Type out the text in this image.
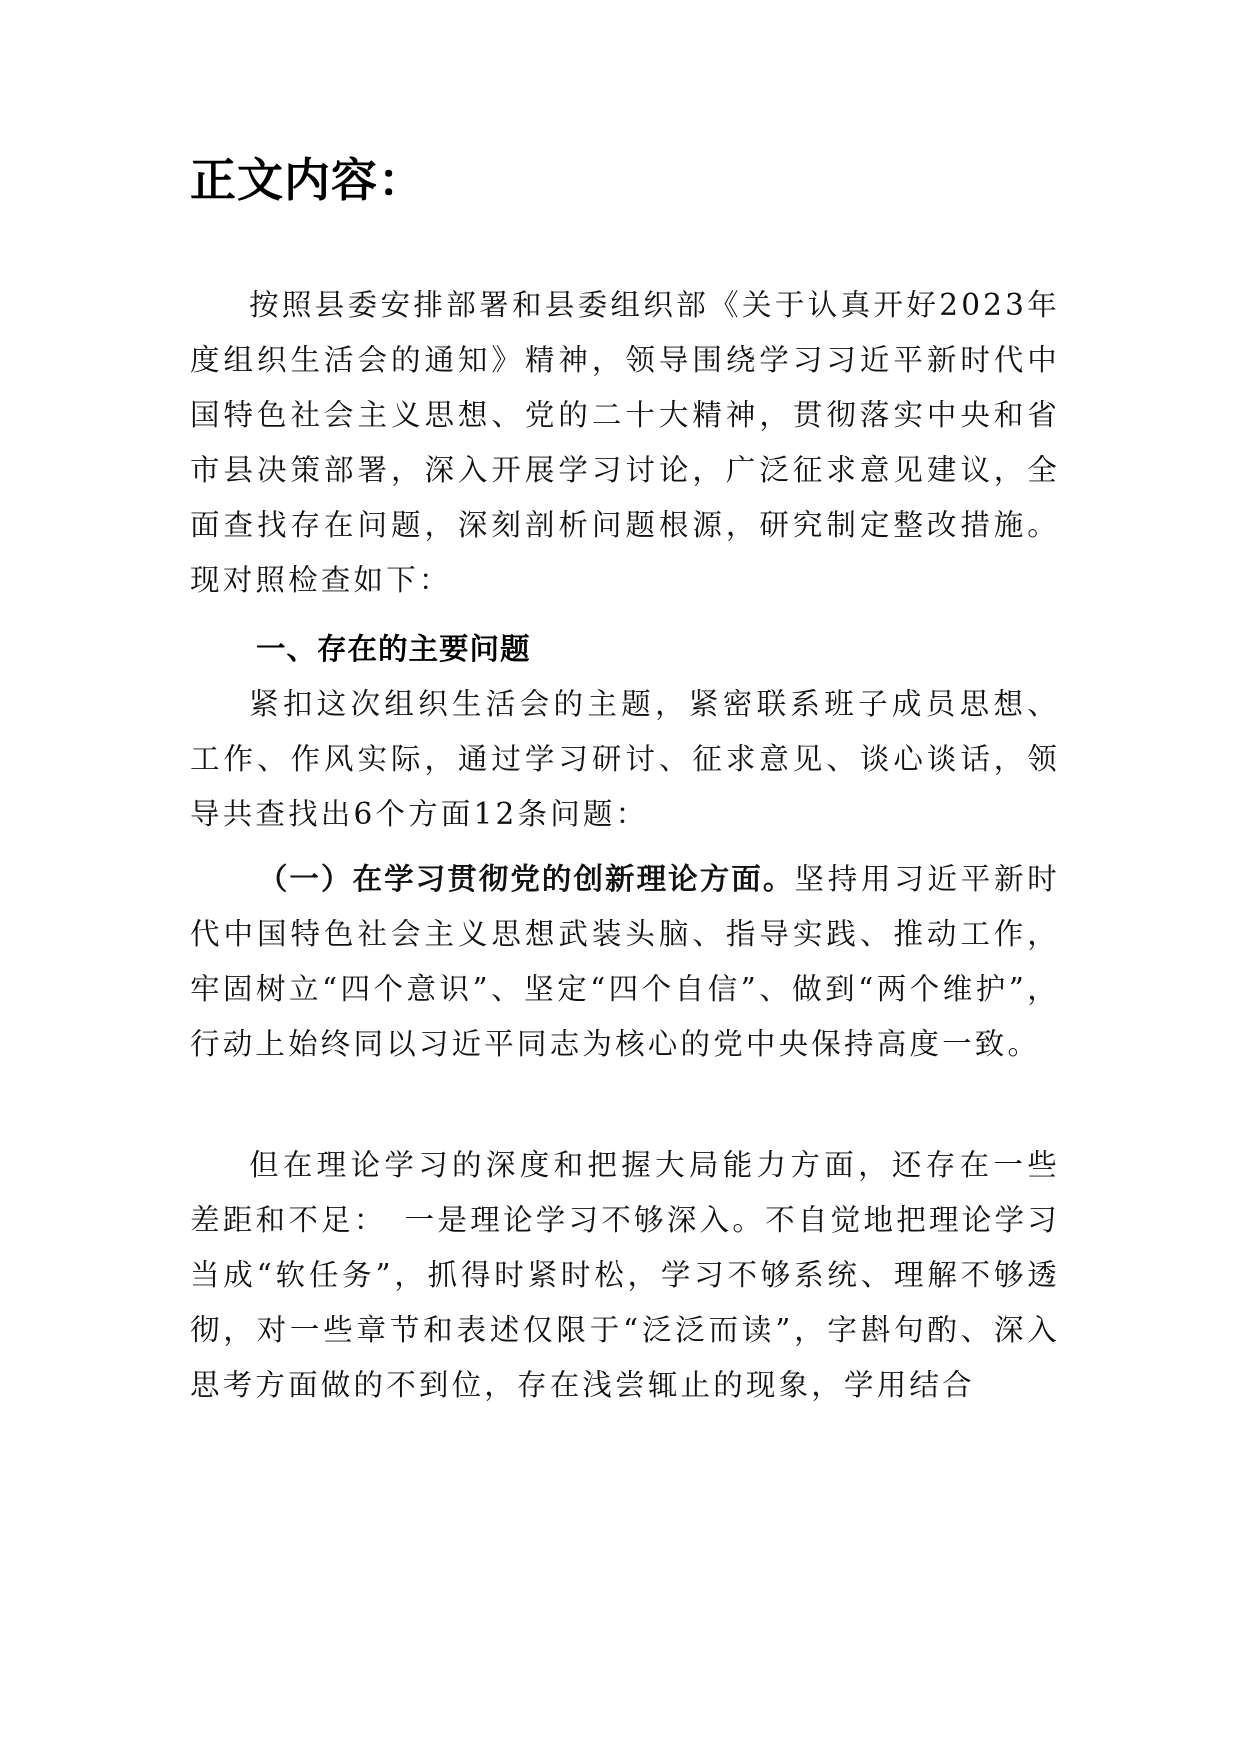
正文内容：

按照县委安排部署和县委组织部《关于认真开好2023年度组织生活会的通知》精神，领导围绕学习习近平新时代中国特色社会主义思想、党的二十大精神，贯彻落实中央和省市县决策部署，深入开展学习讨论，广泛征求意见建议，全面查找存在问题，深刻剖析问题根源，研究制定整改措施。现对照检查如下：

一、存在的主要问题

紧扣这次组织生活会的主题，紧密联系班子成员思想、工作、作风实际，通过学习研讨、征求意见、谈心谈话，领导共查找出6个方面12条问题：

（一）在学习贯彻党的创新理论方面。坚持用习近平新时代中国特色社会主义思想武装头脑、指导实践、推动工作，牢固树立“四个意识”、坚定“四个自信”、做到“两个维护”，行动上始终同以习近平同志为核心的党中央保持高度一致。

但在理论学习的深度和把握大局能力方面，还存在一些差距和不足：　一是理论学习不够深入。不自觉地把理论学习当成“软任务”，抓得时紧时松，学习不够系统、理解不够透彻，对一些章节和表述仅限于“泛泛而读”，字斟句酌、深入思考方面做的不到位，存在浅尝辄止的现象，学用结合
